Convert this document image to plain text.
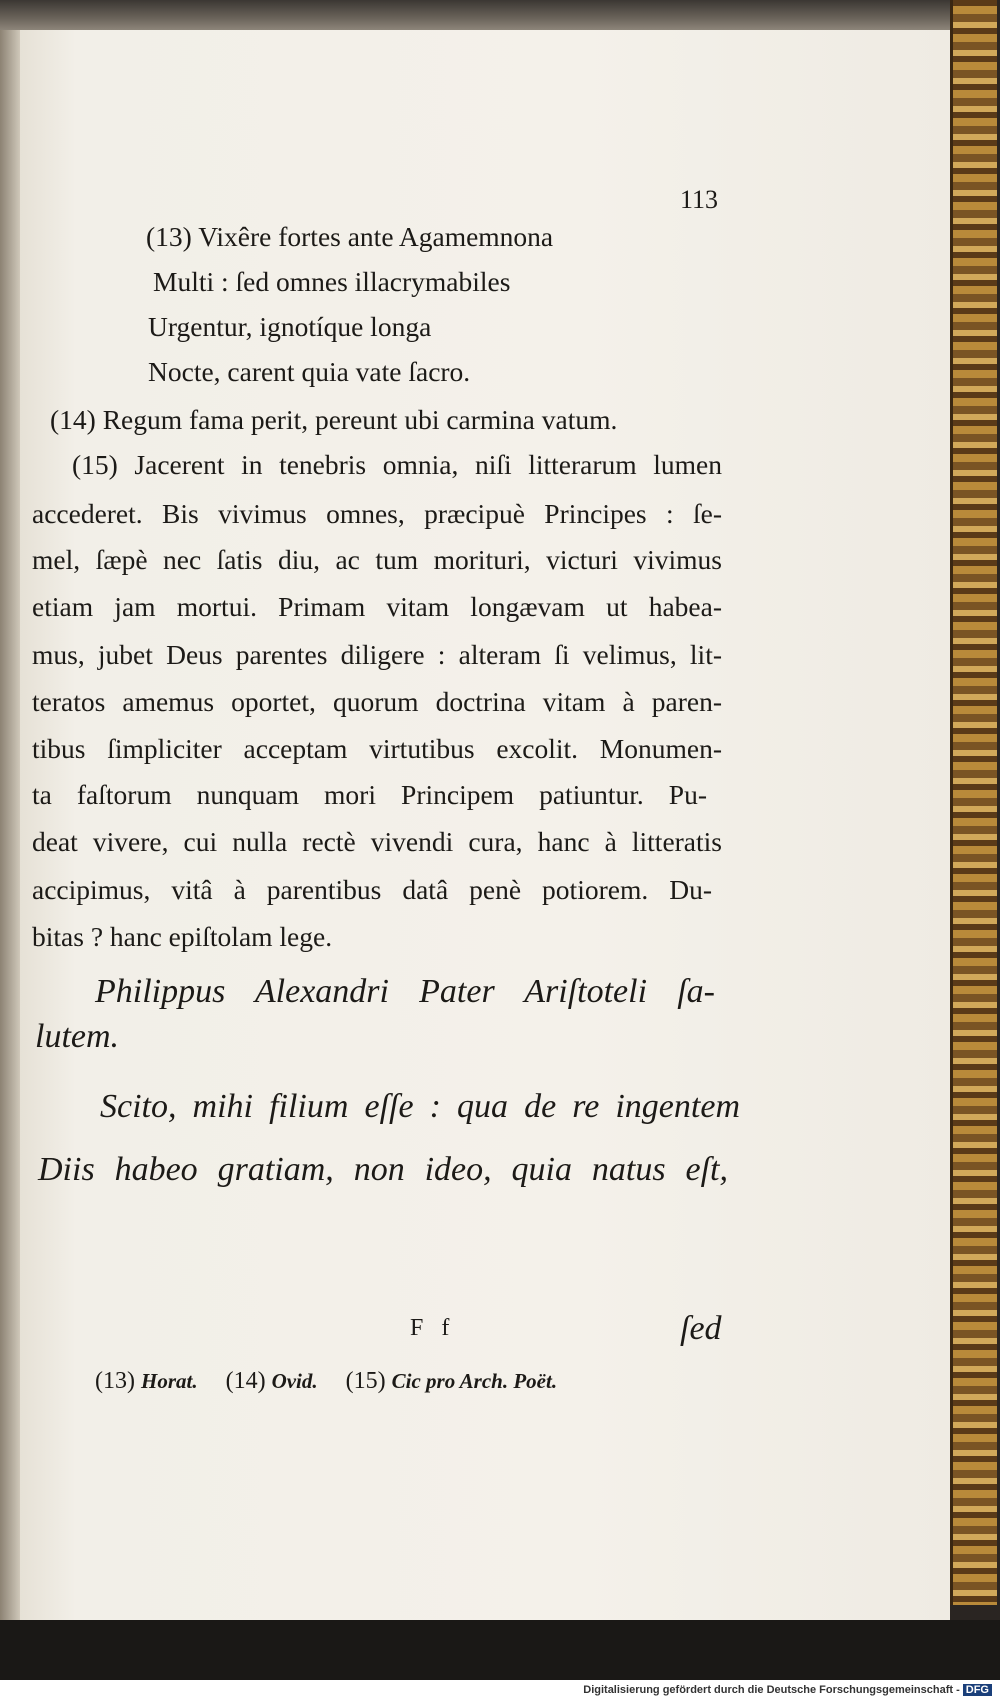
113
(13) Vixêre fortes ante Agamemnona
Multi : ſed omnes illacrymabiles
Urgentur, ignotíque longa
Nocte, carent quia vate ſacro.
(14) Regum fama perit, pereunt ubi carmina vatum.
(15) Jacerent in tenebris omnia, niſi litterarum lumen
accederet. Bis vivimus omnes, præcipuè Principes : ſe-
mel, ſæpè nec ſatis diu, ac tum morituri, victuri vivimus
etiam jam mortui. Primam vitam longævam ut habea-
mus, jubet Deus parentes diligere : alteram ſi velimus, lit-
teratos amemus oportet, quorum doctrina vitam à paren-
tibus ſimpliciter acceptam virtutibus excolit. Monumen-
ta faſtorum nunquam mori Principem patiuntur. Pu-
deat vivere, cui nulla rectè vivendi cura, hanc à litteratis
accipimus, vitâ à parentibus datâ penè potiorem. Du-
bitas ? hanc epiſtolam lege.
Philippus Alexandri Pater Ariſtoteli ſa-
lutem.
Scito, mihi filium eſſe : qua de re ingentem
Diis habeo gratiam, non ideo, quia natus eſt,
F f	ſed
(13) Horat. (14) Ovid. (15) Cic pro Arch. Poët.
Digitalisierung gefördert durch die Deutsche Forschungsgemeinschaft - DFG
